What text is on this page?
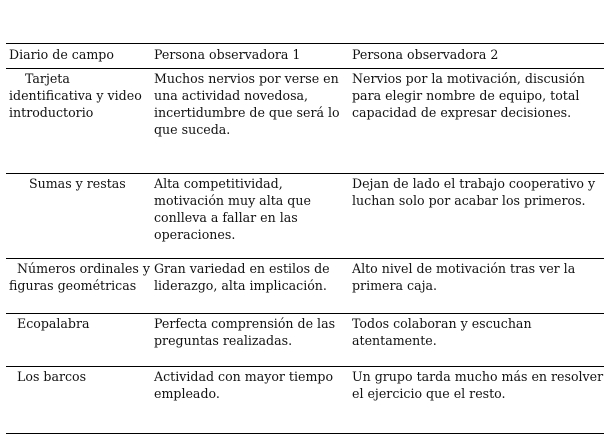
Diario de campo	Persona observadora 1	Persona observadora 2
Tarjeta identificativa y video introductorio	Muchos nervios por verse en una actividad novedosa, incertidumbre de que será lo que suceda.	Nervios por la motivación, discusión para elegir nombre de equipo, total capacidad de expresar decisiones.
Sumas y restas	Alta competitividad, motivación muy alta que conlleva a fallar en las operaciones.	Dejan de lado el trabajo cooperativo y luchan solo por acabar los primeros.
Números ordinales y figuras geométricas	Gran variedad en estilos de liderazgo, alta implicación.	Alto nivel de motivación tras ver la primera caja.
Ecopalabra	Perfecta comprensión de las preguntas realizadas.	Todos colaboran y escuchan atentamente.
Los barcos	Actividad con mayor tiempo empleado.	Un grupo tarda mucho más en resolver el ejercicio que el resto.
